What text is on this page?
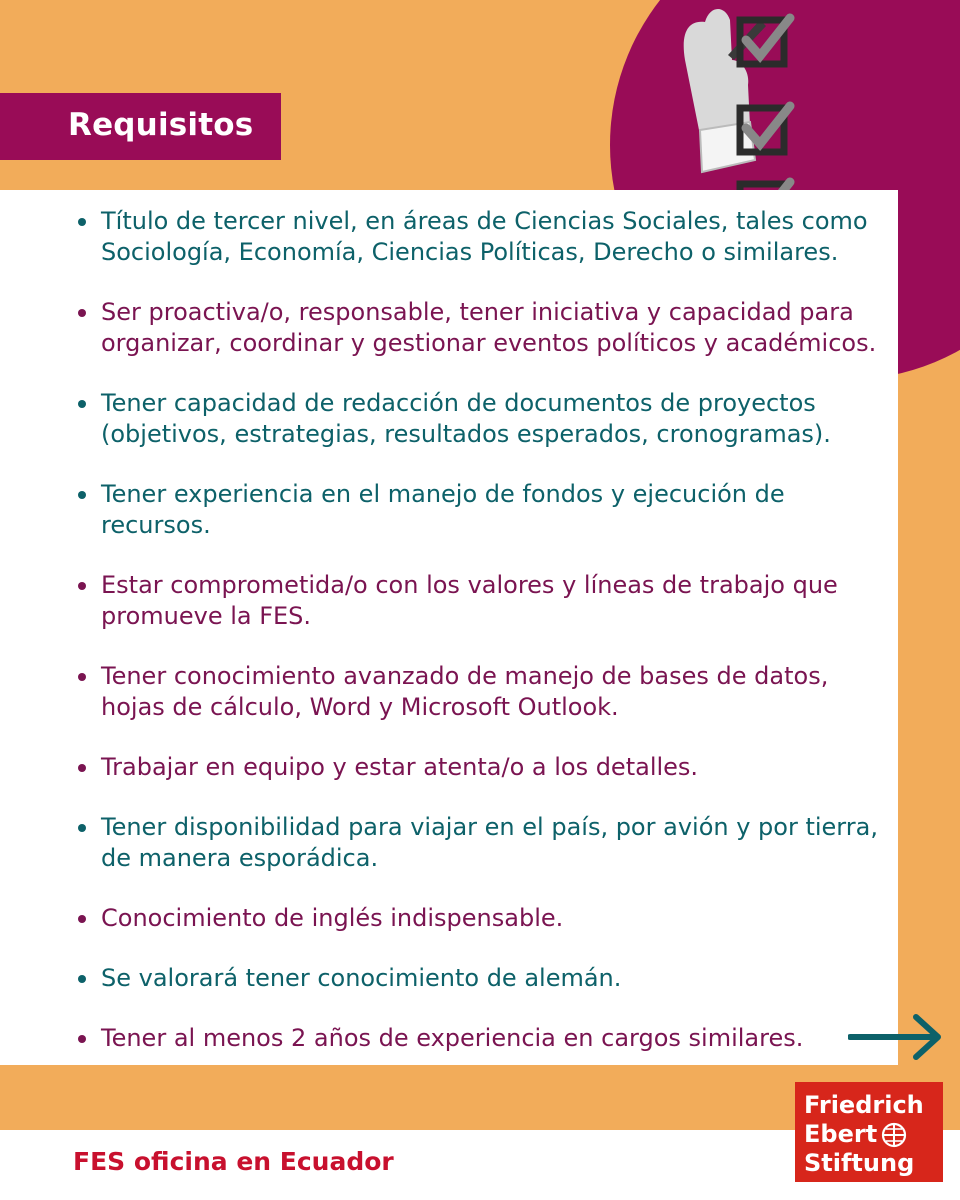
Requisitos
Título de tercer nivel, en áreas de Ciencias Sociales, tales como Sociología, Economía, Ciencias Políticas, Derecho o similares.
Ser proactiva/o, responsable, tener iniciativa y capacidad para organizar, coordinar y gestionar eventos políticos y académicos.
Tener capacidad de redacción de documentos de proyectos (objetivos, estrategias, resultados esperados, cronogramas).
Tener experiencia en el manejo de fondos y ejecución de recursos.
Estar comprometida/o con los valores y líneas de trabajo que promueve la FES.
Tener conocimiento avanzado de manejo de bases de datos, hojas de cálculo, Word y Microsoft Outlook.
Trabajar en equipo y estar atenta/o a los detalles.
Tener disponibilidad para viajar en el país, por avión y por tierra, de manera esporádica.
Conocimiento de inglés indispensable.
Se valorará tener conocimiento de alemán.
Tener al menos 2 años de experiencia en cargos similares.

FES oficina en Ecuador

Friedrich
Ebert
Stiftung
